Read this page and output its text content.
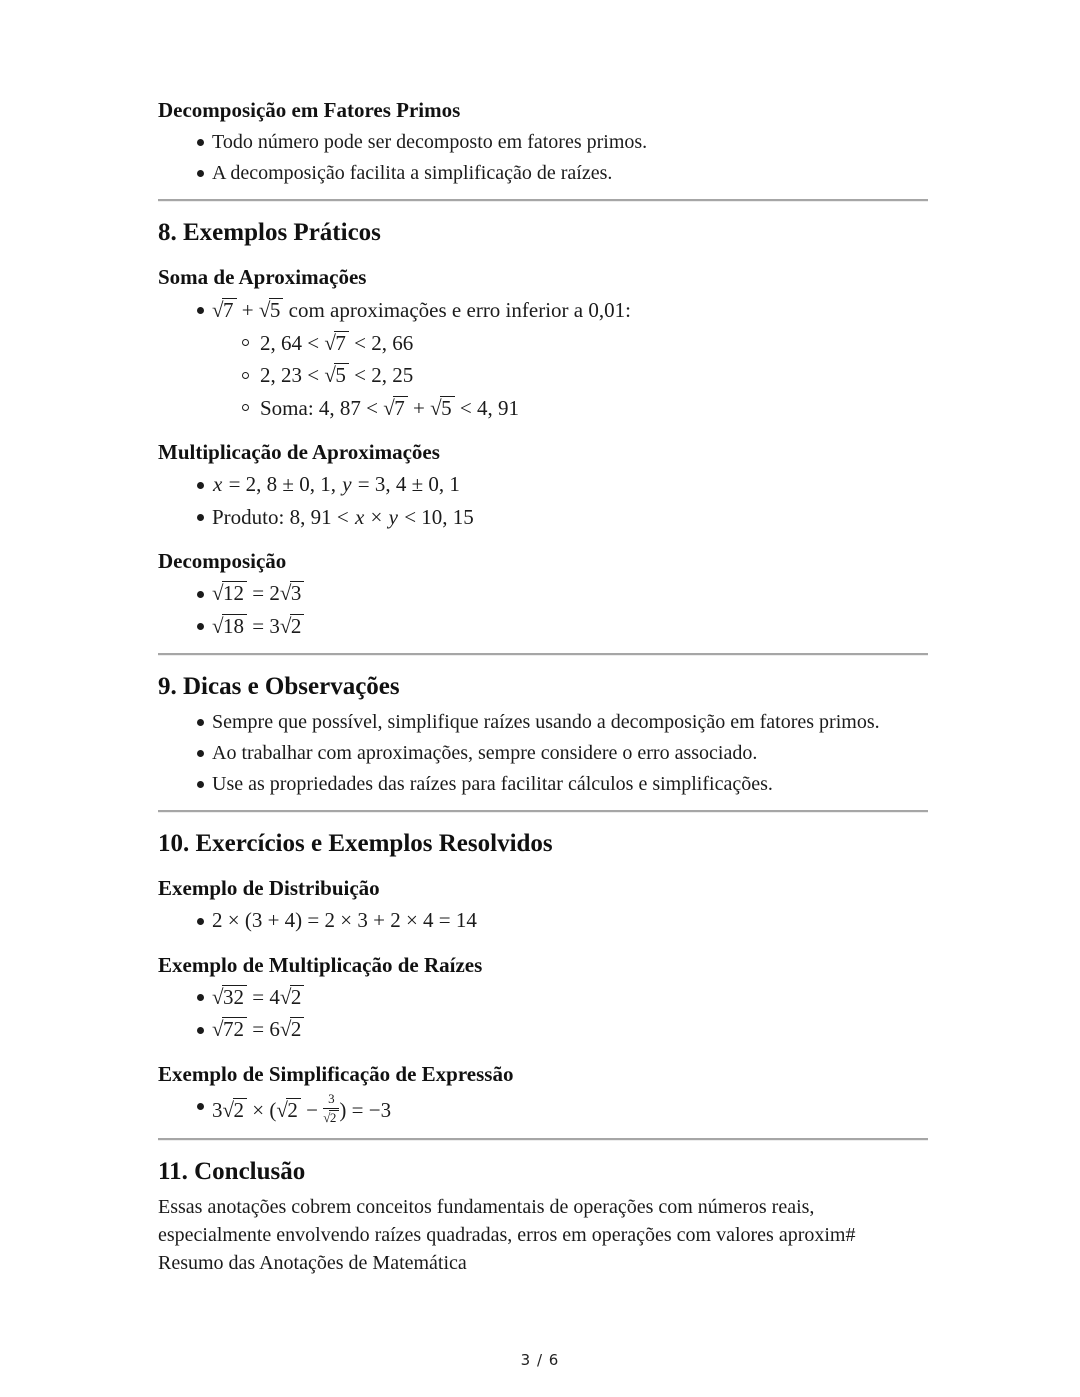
Decomposição em Fatores Primos
Todo número pode ser decomposto em fatores primos.
A decomposição facilita a simplificação de raízes.
8. Exemplos Práticos
Soma de Aproximações
√7 + √5 com aproximações e erro inferior a 0,01:
2, 64 < √7 < 2, 66
2, 23 < √5 < 2, 25
Soma: 4, 87 < √7 + √5 < 4, 91
Multiplicação de Aproximações
x = 2, 8 ± 0, 1, y = 3, 4 ± 0, 1
Produto: 8, 91 < x × y < 10, 15
Decomposição
√12 = 2√3
√18 = 3√2
9. Dicas e Observações
Sempre que possível, simplifique raízes usando a decomposição em fatores primos.
Ao trabalhar com aproximações, sempre considere o erro associado.
Use as propriedades das raízes para facilitar cálculos e simplificações.
10. Exercícios e Exemplos Resolvidos
Exemplo de Distribuição
2 × (3 + 4) = 2 × 3 + 2 × 4 = 14
Exemplo de Multiplicação de Raízes
√32 = 4√2
√72 = 6√2
Exemplo de Simplificação de Expressão
$3√2 \times (√2 - \frac{3}{√2}$ ) = −3
11. Conclusão
Essas anotações cobrem conceitos fundamentais de operações com números reais,
especialmente envolvendo raízes quadradas, erros em operações com valores aproxim#
Resumo das Anotações de Matemática
3 / 6
